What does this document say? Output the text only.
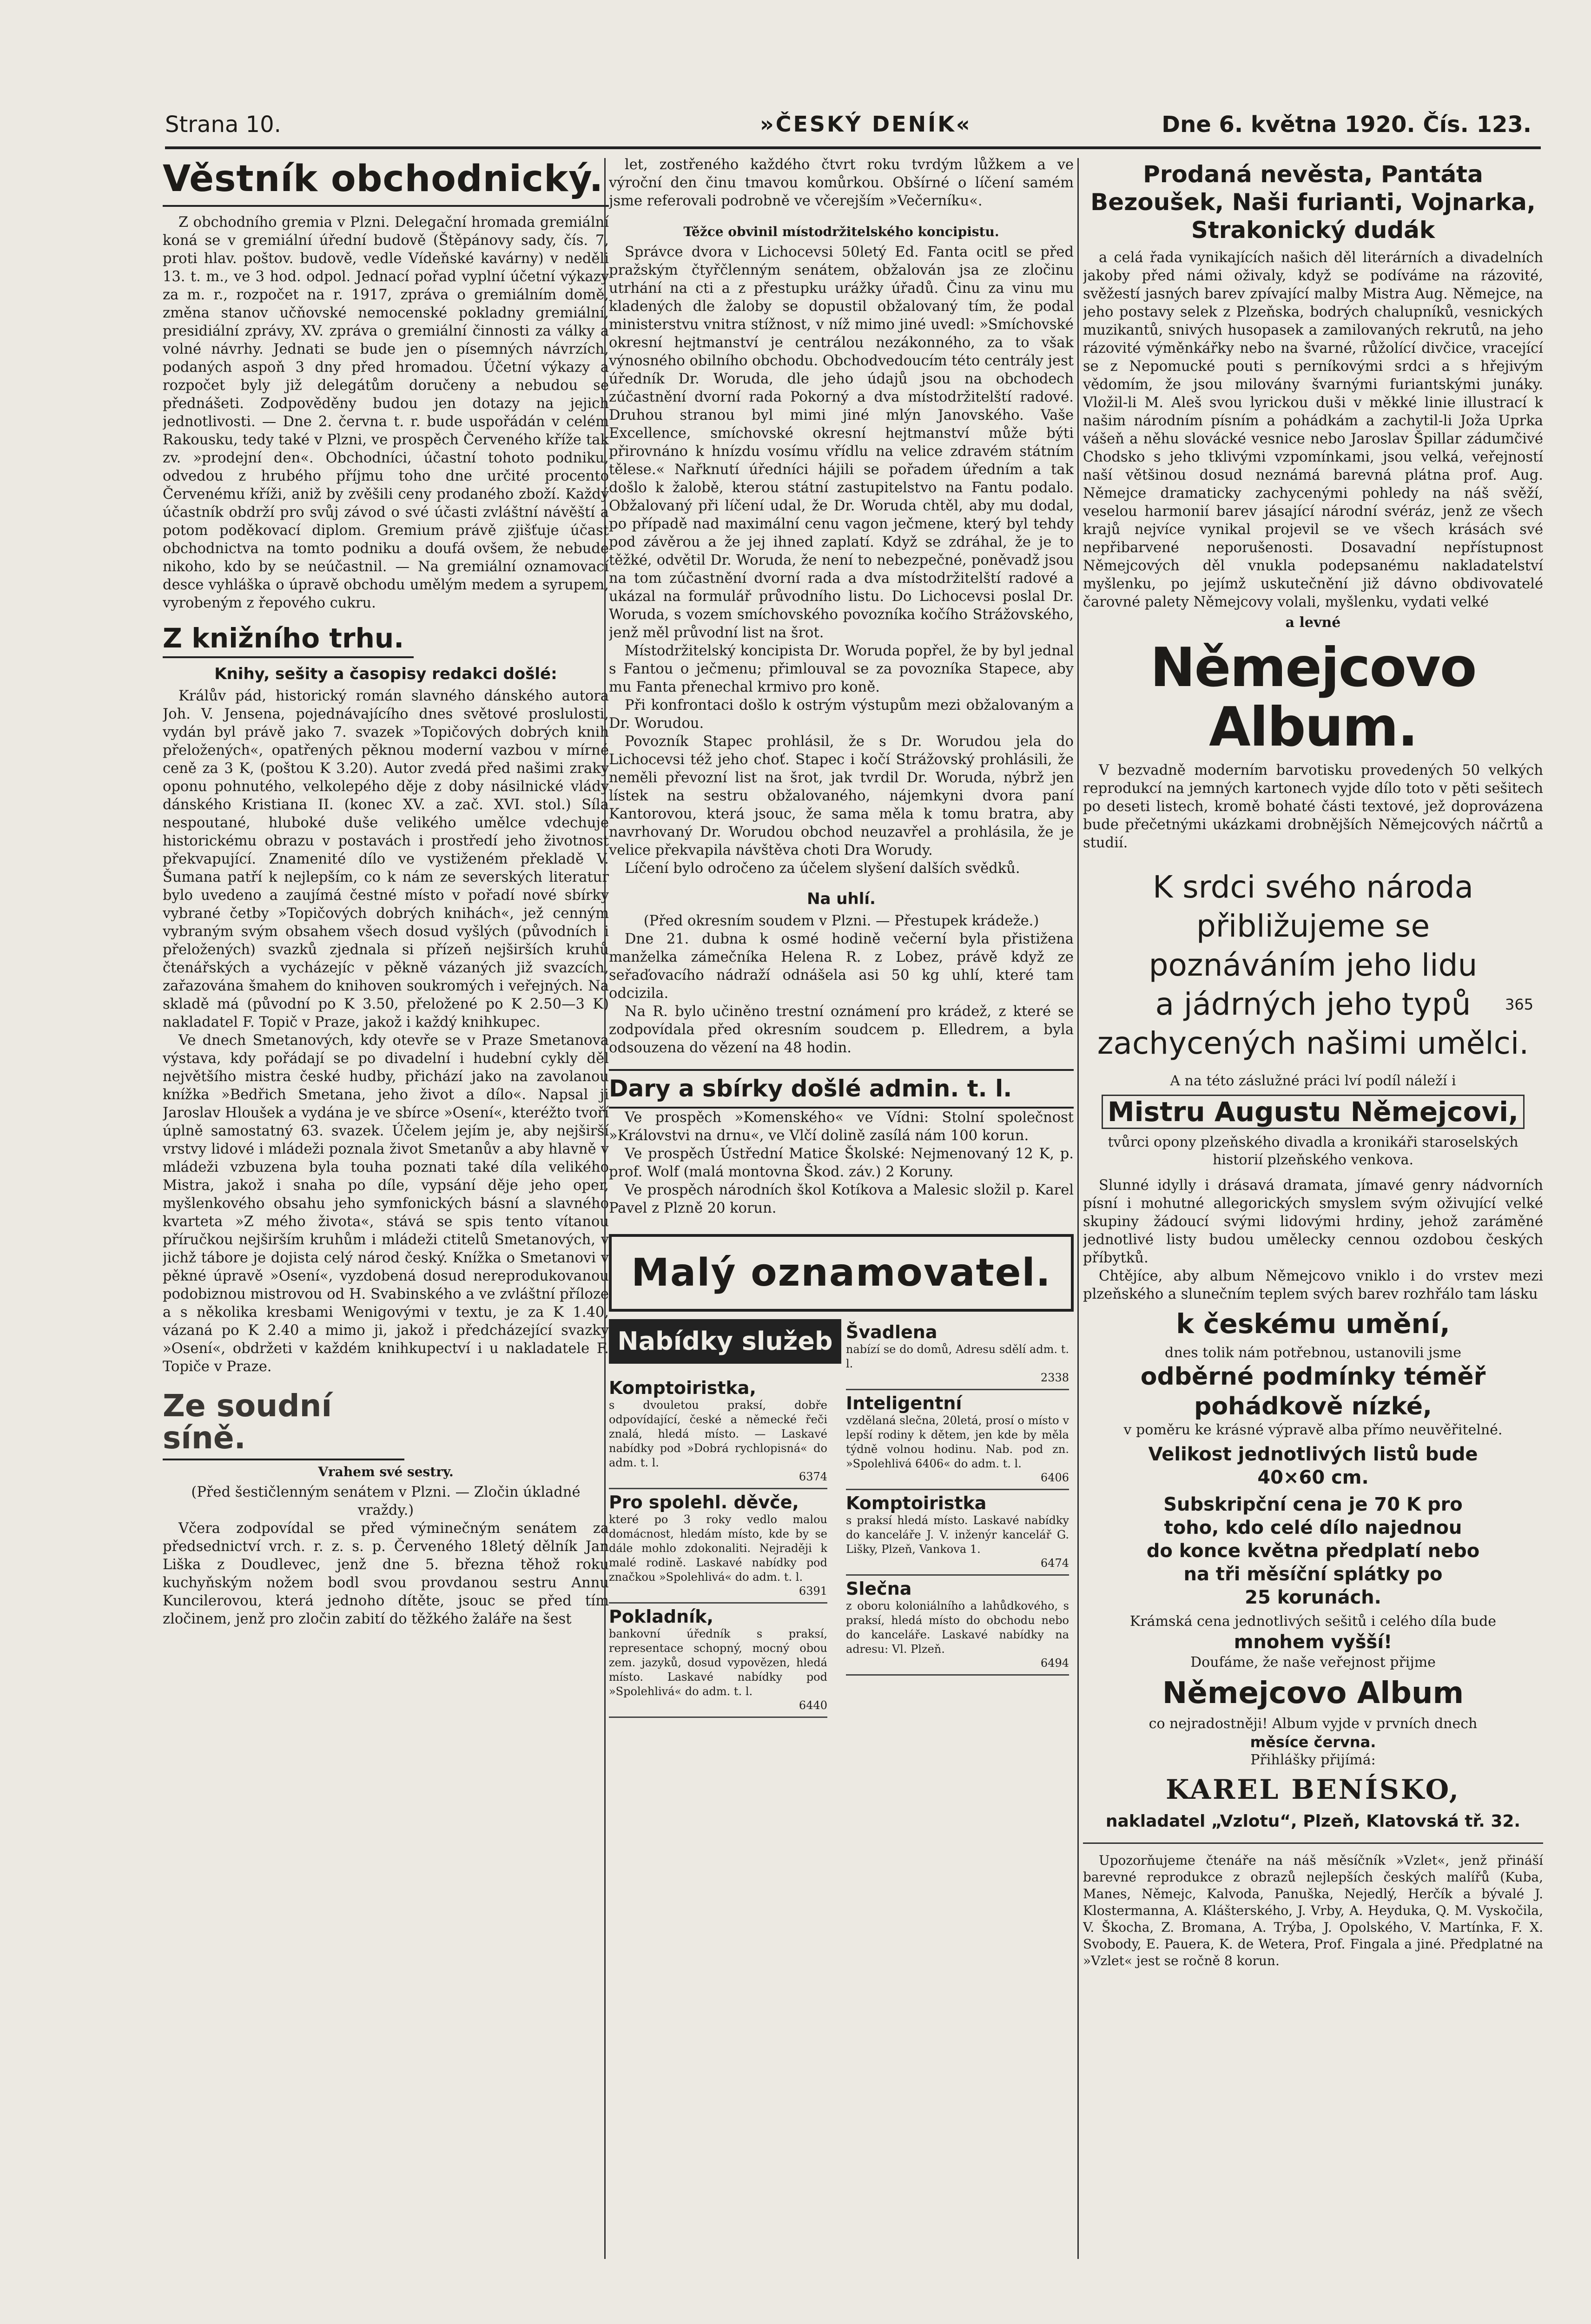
Strana 10.	»ČESKÝ DENÍK«	Dne 6. května 1920. Čís. 123.
Věstník obchodnický.

Z obchodního gremia v Plzni. Delegační hromada gremiální koná se v gremiální úřední budově (Štěpánovy sady, čís. 7, proti hlav. poštov. budově, vedle Vídeňské kavárny) v neděli 13. t. m., ve 3 hod. odpol. Jednací pořad vyplní účetní výkazy za m. r., rozpočet na r. 1917, zpráva o gremiálním domě, změna stanov učňovské nemocenské pokladny gremiální, presidiální zprávy, XV. zpráva o gremiální činnosti za války a volné návrhy. Jednati se bude jen o písemných návrzích, podaných aspoň 3 dny před hromadou. Účetní výkazy a rozpočet byly již delegátům doručeny a nebudou se přednášeti. Zodpověděny budou jen dotazy na jejich jednotlivosti. — Dne 2. června t. r. bude uspořádán v celém Rakousku, tedy také v Plzni, ve prospěch Červeného kříže tak zv. »prodejní den«. Obchodníci, účastní tohoto podniku, odvedou z hrubého příjmu toho dne určité procento Červenému kříži, aniž by zvěšili ceny prodaného zboží. Každý účastník obdrží pro svůj závod o své účasti zvláštní návěští a potom poděkovací diplom. Gremium právě zjišťuje účast obchodnictva na tomto podniku a doufá ovšem, že nebude nikoho, kdo by se neúčastnil. — Na gremiální oznamovací desce vyhláška o úpravě obchodu umělým medem a syrupem, vyrobeným z řepového cukru.

Z knižního trhu.
Knihy, sešity a časopisy redakci došlé:

Králův pád, historický román slavného dánského autora Joh. V. Jensena, pojednávajícího dnes světové proslulosti, vydán byl právě jako 7. svazek »Topičových dobrých knih přeložených«, opatřených pěknou moderní vazbou v mírné ceně za 3 K, (poštou K 3.20). Autor zvedá před našimi zraky oponu pohnutého, velkolepého děje z doby násilnické vlády dánského Kristiana II. (konec XV. a zač. XVI. stol.) Síla nespoutané, hluboké duše velikého umělce vdechuje historickému obrazu v postavách i prostředí jeho životnost překvapující. Znamenité dílo ve vystiženém překladě V. Šumana patří k nejlepším, co k nám ze severských literatur bylo uvedeno a zaujímá čestné místo v pořadí nové sbírky vybrané četby »Topičových dobrých knihách«, jež cenným vybraným svým obsahem všech dosud vyšlých (původních i přeložených) svazků zjednala si přízeň nejširších kruhů čtenářských a vycházejíc v pěkně vázaných již svazcích, zařazována šmahem do knihoven soukromých i veřejných. Na skladě má (původní po K 3.50, přeložené po K 2.50—3 K) nakladatel F. Topič v Praze, jakož i každý knihkupec.

Ve dnech Smetanových, kdy otevře se v Praze Smetanova výstava, kdy pořádají se po divadelní i hudební cykly děl největšího mistra české hudby, přichází jako na zavolanou knížka »Bedřich Smetana, jeho život a dílo«. Napsal ji Jaroslav Hloušek a vydána je ve sbírce »Osení«, kteréžto tvoří úplně samostatný 63. svazek. Účelem jejím je, aby nejširší vrstvy lidové i mládeži poznala život Smetanův a aby hlavně v mládeži vzbuzena byla touha poznati také díla velikého Mistra, jakož i snaha po díle, vypsání děje jeho oper, myšlenkového obsahu jeho symfonických básní a slavného kvarteta »Z mého života«, stává se spis tento vítanou příručkou nejširším kruhům i mládeži ctitelů Smetanových, v jichž tábore je dojista celý národ český. Knížka o Smetanovi v pěkné úpravě »Osení«, vyzdobená dosud nereprodukovanou podobiznou mistrovou od H. Svabinského a ve zvláštní příloze a s několika kresbami Wenigovými v textu, je za K 1.40, vázaná po K 2.40 a mimo ji, jakož i předcházející svazky »Osení«, obdržeti v každém knihkupectví i u nakladatele F. Topiče v Praze.

Ze soudní síně.
Vrahem své sestry.

(Před šestičlenným senátem v Plzni. — Zločin úkladné vraždy.)

Včera zodpovídal se před výminečným senátem za předsednictví vrch. r. z. s. p. Červeného 18letý dělník Jan Liška z Doudlevec, jenž dne 5. března těhož roku kuchyňským nožem bodl svou provdanou sestru Annu Kuncilerovou, která jednoho dítěte, jsouc se před tím zločinem, jenž pro zločin zabití do těžkého žaláře na šest

let, zostřeného každého čtvrt roku tvrdým lůžkem a ve výroční den činu tmavou komůrkou. Obšírné o líčení samém jsme referovali podrobně ve včerejším »Večerníku«.

Těžce obvinil místodržitelského koncipistu.

Správce dvora v Lichocevsi 50letý Ed. Fanta ocitl se před pražským čtyřčlenným senátem, obžalován jsa ze zločinu utrhání na cti a z přestupku urážky úřadů. Činu za vinu mu kladených dle žaloby se dopustil obžalovaný tím, že podal ministerstvu vnitra stížnost, v níž mimo jiné uvedl: »Smíchovské okresní hejtmanství je centrálou nezákonného, za to však výnosného obilního obchodu. Obchodvedoucím této centrály jest úředník Dr. Woruda, dle jeho údajů jsou na obchodech zúčastnění dvorní rada Pokorný a dva místodržitelští radové. Druhou stranou byl mimi jiné mlýn Janovského. Vaše Excellence, smíchovské okresní hejtmanství může býti přirovnáno k hnízdu vosímu vřídlu na velice zdravém státním tělese.« Nařknutí úředníci hájili se pořadem úředním a tak došlo k žalobě, kterou státní zastupitelstvo na Fantu podalo. Obžalovaný při líčení udal, že Dr. Woruda chtěl, aby mu dodal, po případě nad maximální cenu vagon ječmene, který byl tehdy pod závěrou a že jej ihned zaplatí. Když se zdráhal, že je to těžké, odvětil Dr. Woruda, že není to nebezpečné, poněvadž jsou na tom zúčastnění dvorní rada a dva místodržitelští radové a ukázal na formulář průvodního listu. Do Lichocevsi poslal Dr. Woruda, s vozem smíchovského povozníka kočího Strážovského, jenž měl průvodní list na šrot.

Místodržitelský koncipista Dr. Woruda popřel, že by byl jednal s Fantou o ječmenu; přimlouval se za povozníka Stapece, aby mu Fanta přenechal krmivo pro koně.

Při konfrontaci došlo k ostrým výstupům mezi obžalovaným a Dr. Worudou.

Povozník Stapec prohlásil, že s Dr. Worudou jela do Lichocevsi též jeho choť. Stapec i kočí Strážovský prohlásili, že neměli převozní list na šrot, jak tvrdil Dr. Woruda, nýbrž jen lístek na sestru obžalovaného, nájemkyni dvora paní Kantorovou, která jsouc, že sama měla k tomu bratra, aby navrhovaný Dr. Worudou obchod neuzavřel a prohlásila, že je velice překvapila návštěva choti Dra Worudy.

Líčení bylo odročeno za účelem slyšení dalších svědků.

Na uhlí.

(Před okresním soudem v Plzni. — Přestupek krádeže.)

Dne 21. dubna k osmé hodině večerní byla přistižena manželka zámečníka Helena R. z Lobez, právě když ze seřaďovacího nádraží odnášela asi 50 kg uhlí, které tam odcizila.

Na R. bylo učiněno trestní oznámení pro krádež, z které se zodpovídala před okresním soudcem p. Elledrem, a byla odsouzena do vězení na 48 hodin.

Dary a sbírky došlé admin. t. l.

Ve prospěch »Komenského« ve Vídni: Stolní společnost »Královstvi na drnu«, ve Vlčí dolině zasílá nám 100 korun.

Ve prospěch Ústřední Matice Školské: Nejmenovaný 12 K, p. prof. Wolf (malá montovna Škod. záv.) 2 Koruny.

Ve prospěch národních škol Kotíkova a Malesic složil p. Karel Pavel z Plzně 20 korun.

Malý oznamovatel.
Nabídky služeb
Komptoiristka,

s dvouletou praksí, dobře odpovídající, české a německé řeči znalá, hledá místo. — Laskavé nabídky pod »Dobrá rychlopisná« do adm. t. l.

6374
Pro spolehl. děvče,

které po 3 roky vedlo malou domácnost, hledám místo, kde by se dále mohlo zdokonaliti. Nejraději k malé rodině. Laskavé nabídky pod značkou »Spolehlivá« do adm. t. l.

6391
Pokladník,

bankovní úředník s praksí, representace schopný, mocný obou zem. jazyků, dosud vypovězen, hledá místo. Laskavé nabídky pod »Spolehlivá« do adm. t. l.

6440
Švadlena

nabízí se do domů, Adresu sdělí adm. t. l.

2338
Inteligentní

vzdělaná slečna, 20letá, prosí o místo v lepší rodiny k dětem, jen kde by měla týdně volnou hodinu. Nab. pod zn. »Spolehlivá 6406« do adm. t. l.

6406
Komptoiristka

s praksí hledá místo. Laskavé nabídky do kanceláře J. V. inženýr kancelář G. Lišky, Plzeň, Vankova 1.

6474
Slečna

z oboru koloniálního a lahůdkového, s praksí, hledá místo do obchodu nebo do kanceláře. Laskavé nabídky na adresu: Vl. Plzeň.

6494
Prodaná nevěsta, Pantáta Bezoušek, Naši furianti, Vojnarka, Strakonický dudák

a celá řada vynikajících našich děl literárních a divadelních jakoby před námi oživaly, když se podíváme na rázovité, svěžestí jasných barev zpívající malby Mistra Aug. Němejce, na jeho postavy selek z Plzeňska, bodrých chalupníků, vesnických muzikantů, snivých husopasek a zamilovaných rekrutů, na jeho rázovité výměnkářky nebo na švarné, růžolící divčice, vracející se z Nepomucké pouti s perníkovými srdci a s hřejivým vědomím, že jsou milovány švarnými furiantskými junáky. Vložil-li M. Aleš svou lyrickou duši v měkké linie illustrací k našim národním písním a pohádkám a zachytil-li Joža Uprka vášeň a něhu slovácké vesnice nebo Jaroslav Špillar zádumčivé Chodsko s jeho tklivými vzpomínkami, jsou velká, veřejností naší většinou dosud neznámá barevná plátna prof. Aug. Němejce dramaticky zachycenými pohledy na náš svěží, veselou harmonií barev jásající národní svéráz, jenž ze všech krajů nejvíce vynikal projevil se ve všech krásách své nepřibarvené neporušenosti. Dosavadní nepřístupnost Němejcových děl vnukla podepsanému nakladatelství myšlenku, po jejímž uskutečnění již dávno obdivovatelé čarovné palety Němejcovy volali, myšlenku, vydati velké

a levné
Němejcovo Album.

V bezvadně moderním barvotisku provedených 50 velkých reprodukcí na jemných kartonech vyjde dílo toto v pěti sešitech po deseti listech, kromě bohaté části textové, jež doprovázena bude přečetnými ukázkami drobnějších Němejcových náčrtů a studií.

K srdci svého národa
přibližujeme se
poznáváním jeho lidu
a jádrných jeho typů
zachycených našimi umělci.
A na této záslužné práci lví podíl náleží i
Mistru Augustu Němejcovi,
tvůrci opony plzeňského divadla a kronikáři staroselských historií plzeňského venkova.

Slunné idylly i drásavá dramata, jímavé genry nádvorních písní i mohutné allegorických smyslem svým oživující velké skupiny žádoucí svými lidovými hrdiny, jehož zaráměné jednotlivé listy budou umělecky cennou ozdobou českých příbytků.

Chtějíce, aby album Němejcovo vniklo i do vrstev mezi plzeňského a slunečním teplem svých barev rozhřálo tam lásku

k českému umění,
dnes tolik nám potřebnou, ustanovili jsme
odběrné podmínky téměř
pohádkově nízké,
v poměru ke krásné výpravě alba přímo neuvěřitelné.
Velikost jednotlivých listů bude
40×60 cm.
Subskripční cena je 70 K pro
toho, kdo celé dílo najednou
do konce května předplatí nebo
na tři měsíční splátky po
25 korunách.
Krámská cena jednotlivých sešitů i celého díla bude
mnohem vyšší!
Doufáme, že naše veřejnost přijme
Němejcovo Album
co nejradostněji! Album vyjde v prvních dnech
měsíce června.
Přihlášky přijímá:
KAREL BENÍSKO,
nakladatel „Vzlotu“, Plzeň, Klatovská tř. 32.
Upozorňujeme čtenáře na náš měsíčník »Vzlet«, jenž přináší barevné reprodukce z obrazů nejlepších českých malířů (Kuba, Manes, Němejc, Kalvoda, Panuška, Nejedlý, Herčík a bývalé J. Klostermanna, A. Klášterského, J. Vrby, A. Heyduka, Q. M. Vyskočila, V. Škocha, Z. Bromana, A. Trýba, J. Opolského, V. Martínka, F. X. Svobody, E. Pauera, K. de Wetera, Prof. Fingala a jiné. Předplatné na »Vzlet« jest se ročně 8 korun.
365
